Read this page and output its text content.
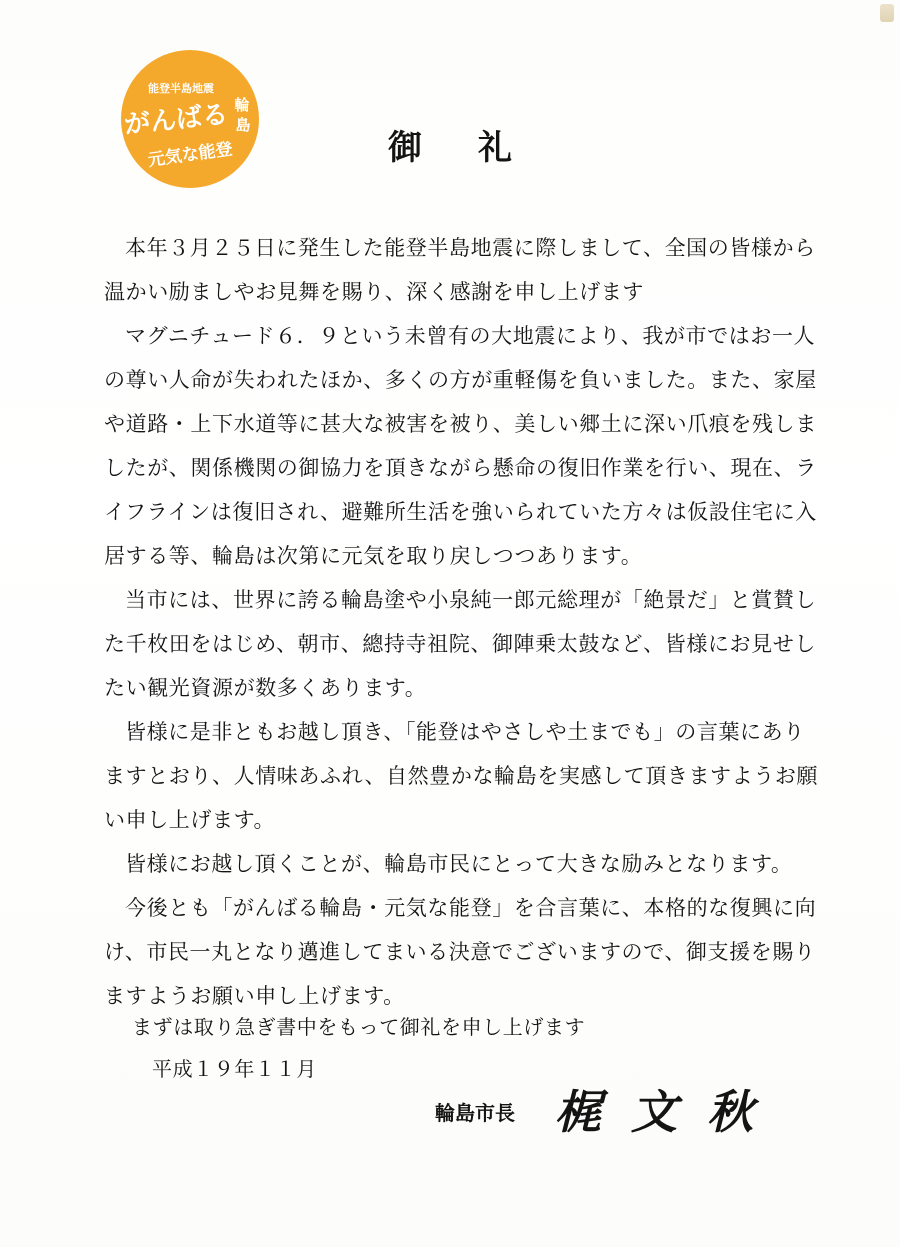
能登半島地震
がんばる 輪
島
元気な能登	御礼
本年３月２５日に発生した能登半島地震に際しまして、全国の皆様から
温かい励ましやお見舞を賜り、深く感謝を申し上げます
マグニチュード６．９という未曾有の大地震により、我が市ではお一人
の尊い人命が失われたほか、多くの方が重軽傷を負いました。また、家屋
や道路・上下水道等に甚大な被害を被り、美しい郷土に深い爪痕を残しま
したが、関係機関の御協力を頂きながら懸命の復旧作業を行い、現在、ラ
イフラインは復旧され、避難所生活を強いられていた方々は仮設住宅に入
居する等、輪島は次第に元気を取り戻しつつあります。
当市には、世界に誇る輪島塗や小泉純一郎元総理が「絶景だ」と賞賛し
た千枚田をはじめ、朝市、總持寺祖院、御陣乗太鼓など、皆様にお見せし
たい観光資源が数多くあります。
皆様に是非ともお越し頂き、「能登はやさしや土までも」の言葉にあり
ますとおり、人情味あふれ、自然豊かな輪島を実感して頂きますようお願
い申し上げます。
皆様にお越し頂くことが、輪島市民にとって大きな励みとなります。
今後とも「がんばる輪島・元気な能登」を合言葉に、本格的な復興に向
け、市民一丸となり邁進してまいる決意でございますので、御支援を賜り
ますようお願い申し上げます。
まずは取り急ぎ書中をもって御礼を申し上げます
平成１９年１１月
輪島市長 梶文秋
